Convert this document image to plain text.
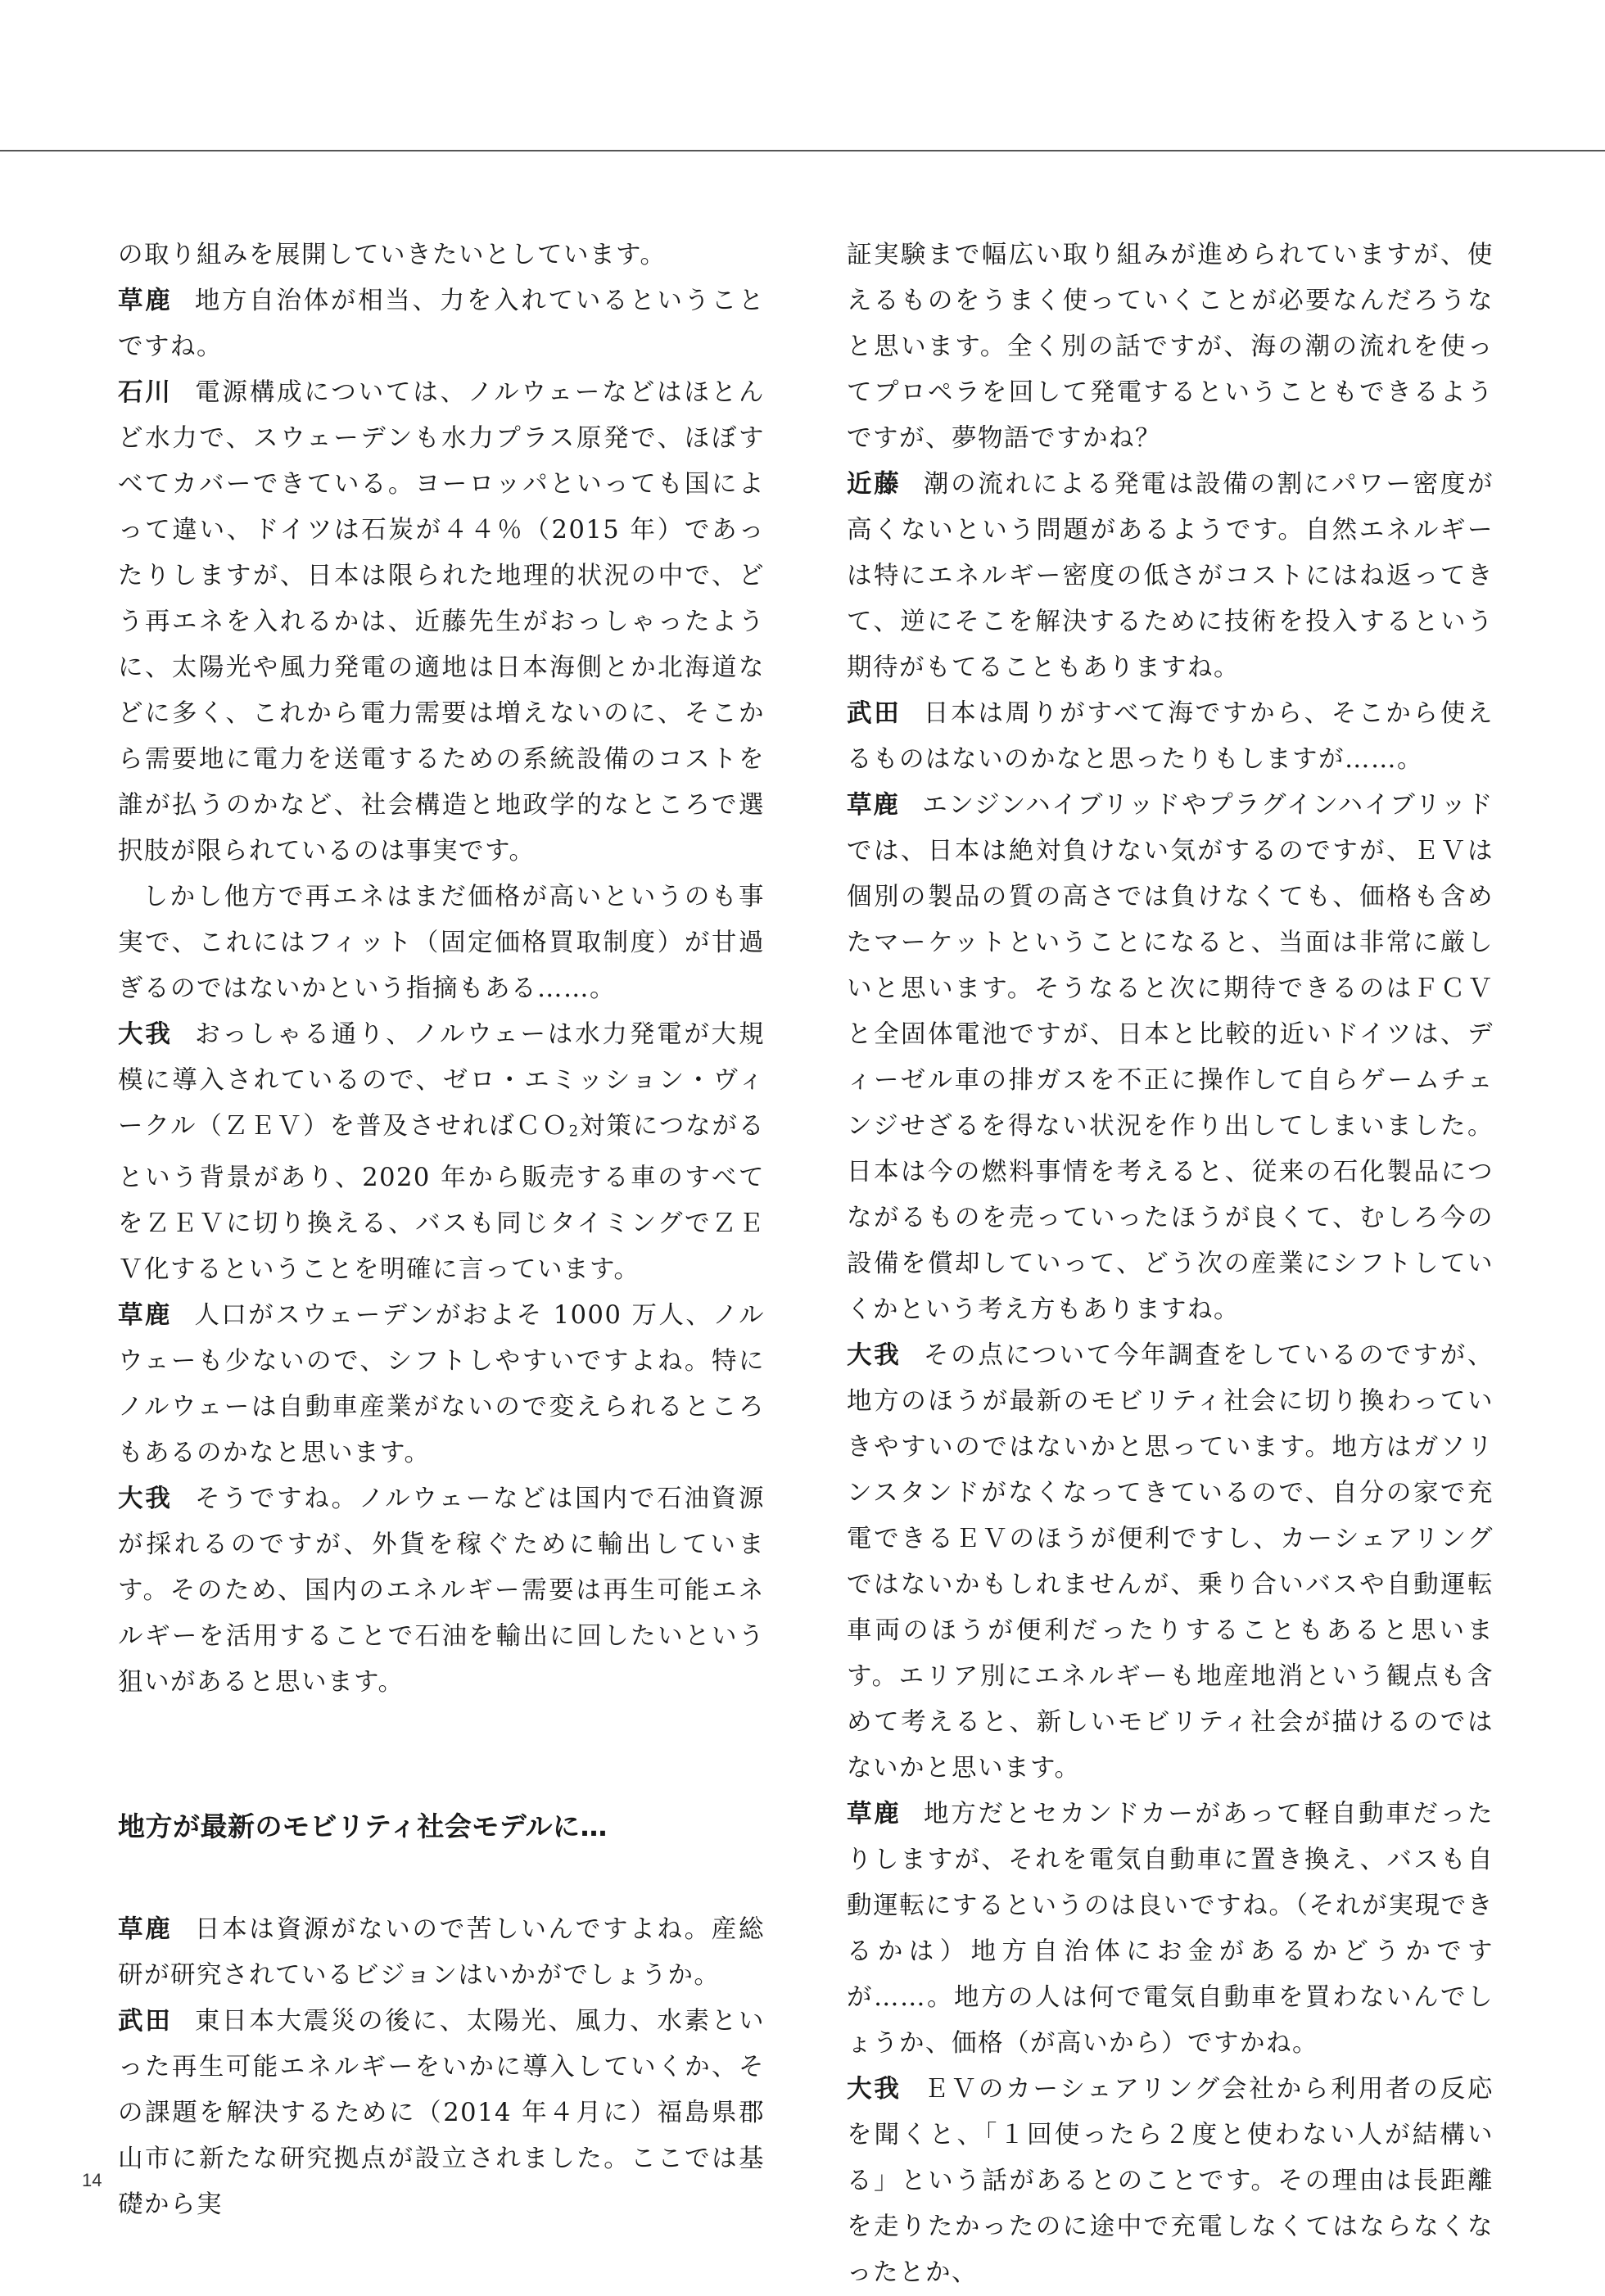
の取り組みを展開していきたいとしています。

草鹿 地方自治体が相当、力を入れているということですね。

石川 電源構成については、ノルウェーなどはほとんど水力で、スウェーデンも水力プラス原発で、ほぼすべてカバーできている。ヨーロッパといっても国によって違い、ドイツは石炭が４４％（2015 年）であったりしますが、日本は限られた地理的状況の中で、どう再エネを入れるかは、近藤先生がおっしゃったように、太陽光や風力発電の適地は日本海側とか北海道などに多く、これから電力需要は増えないのに、そこから需要地に電力を送電するための系統設備のコストを誰が払うのかなど、社会構造と地政学的なところで選択肢が限られているのは事実です。

しかし他方で再エネはまだ価格が高いというのも事実で、これにはフィット（固定価格買取制度）が甘過ぎるのではないかという指摘もある……。

大我 おっしゃる通り、ノルウェーは水力発電が大規模に導入されているので、ゼロ・エミッション・ヴィークル（ＺＥＶ）を普及させればＣＯ2対策につながるという背景があり、2020 年から販売する車のすべてをＺＥＶに切り換える、バスも同じタイミングでＺＥＶ化するということを明確に言っています。

草鹿 人口がスウェーデンがおよそ 1000 万人、ノルウェーも少ないので、シフトしやすいですよね。特にノルウェーは自動車産業がないので変えられるところもあるのかなと思います。

大我 そうですね。ノルウェーなどは国内で石油資源が採れるのですが、外貨を稼ぐために輸出しています。そのため、国内のエネルギー需要は再生可能エネルギーを活用することで石油を輸出に回したいという狙いがあると思います。

地方が最新のモビリティ社会モデルに…

草鹿 日本は資源がないので苦しいんですよね。産総研が研究されているビジョンはいかがでしょうか。

武田 東日本大震災の後に、太陽光、風力、水素といった再生可能エネルギーをいかに導入していくか、その課題を解決するために（2014 年４月に）福島県郡山市に新たな研究拠点が設立されました。ここでは基礎から実

証実験まで幅広い取り組みが進められていますが、使えるものをうまく使っていくことが必要なんだろうなと思います。全く別の話ですが、海の潮の流れを使ってプロペラを回して発電するということもできるようですが、夢物語ですかね？

近藤 潮の流れによる発電は設備の割にパワー密度が高くないという問題があるようです。自然エネルギーは特にエネルギー密度の低さがコストにはね返ってきて、逆にそこを解決するために技術を投入するという期待がもてることもありますね。

武田 日本は周りがすべて海ですから、そこから使えるものはないのかなと思ったりもしますが……。

草鹿 エンジンハイブリッドやプラグインハイブリッドでは、日本は絶対負けない気がするのですが、ＥＶは個別の製品の質の高さでは負けなくても、価格も含めたマーケットということになると、当面は非常に厳しいと思います。そうなると次に期待できるのはＦＣＶと全固体電池ですが、日本と比較的近いドイツは、ディーゼル車の排ガスを不正に操作して自らゲームチェンジせざるを得ない状況を作り出してしまいました。日本は今の燃料事情を考えると、従来の石化製品につながるものを売っていったほうが良くて、むしろ今の設備を償却していって、どう次の産業にシフトしていくかという考え方もありますね。

大我 その点について今年調査をしているのですが、地方のほうが最新のモビリティ社会に切り換わっていきやすいのではないかと思っています。地方はガソリンスタンドがなくなってきているので、自分の家で充電できるＥＶのほうが便利ですし、カーシェアリングではないかもしれませんが、乗り合いバスや自動運転車両のほうが便利だったりすることもあると思います。エリア別にエネルギーも地産地消という観点も含めて考えると、新しいモビリティ社会が描けるのではないかと思います。

草鹿 地方だとセカンドカーがあって軽自動車だったりしますが、それを電気自動車に置き換え、バスも自動運転にするというのは良いですね。（それが実現できるかは）地方自治体にお金があるかどうかですが……。地方の人は何で電気自動車を買わないんでしょうか、価格（が高いから）ですかね。

大我 ＥＶのカーシェアリング会社から利用者の反応を聞くと、「１回使ったら２度と使わない人が結構いる」という話があるとのことです。その理由は長距離を走りたかったのに途中で充電しなくてはならなくなったとか、

14
